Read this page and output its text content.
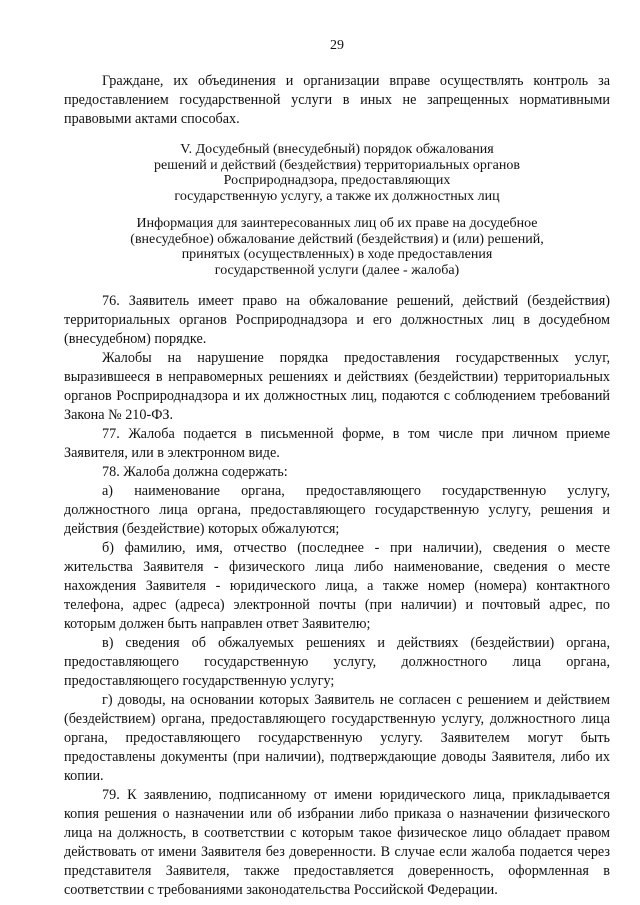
29

Граждане, их объединения и организации вправе осуществлять контроль за предоставлением государственной услуги в иных не запрещенных нормативными правовыми актами способах.

V. Досудебный (внесудебный) порядок обжалования
решений и действий (бездействия) территориальных органов
Росприроднадзора, предоставляющих
государственную услугу, а также их должностных лиц
Информация для заинтересованных лиц об их праве на досудебное
(внесудебное) обжалование действий (бездействия) и (или) решений,
принятых (осуществленных) в ходе предоставления
государственной услуги (далее - жалоба)

76. Заявитель имеет право на обжалование решений, действий (бездействия) территориальных органов Росприроднадзора и его должностных лиц в досудебном (внесудебном) порядке.

Жалобы на нарушение порядка предоставления государственных услуг, выразившееся в неправомерных решениях и действиях (бездействии) территориальных органов Росприроднадзора и их должностных лиц, подаются с соблюдением требований Закона № 210-ФЗ.

77. Жалоба подается в письменной форме, в том числе при личном приеме Заявителя, или в электронном виде.

78. Жалоба должна содержать:

а) наименование органа, предоставляющего государственную услугу, должностного лица органа, предоставляющего государственную услугу, решения и действия (бездействие) которых обжалуются;

б) фамилию, имя, отчество (последнее - при наличии), сведения о месте жительства Заявителя - физического лица либо наименование, сведения о месте нахождения Заявителя - юридического лица, а также номер (номера) контактного телефона, адрес (адреса) электронной почты (при наличии) и почтовый адрес, по которым должен быть направлен ответ Заявителю;

в) сведения об обжалуемых решениях и действиях (бездействии) органа, предоставляющего государственную услугу, должностного лица органа, предоставляющего государственную услугу;

г) доводы, на основании которых Заявитель не согласен с решением и действием (бездействием) органа, предоставляющего государственную услугу, должностного лица органа, предоставляющего государственную услугу. Заявителем могут быть предоставлены документы (при наличии), подтверждающие доводы Заявителя, либо их копии.

79. К заявлению, подписанному от имени юридического лица, прикладывается копия решения о назначении или об избрании либо приказа о назначении физического лица на должность, в соответствии с которым такое физическое лицо обладает правом действовать от имени Заявителя без доверенности. В случае если жалоба подается через представителя Заявителя, также предоставляется доверенность, оформленная в соответствии с требованиями законодательства Российской Федерации.
